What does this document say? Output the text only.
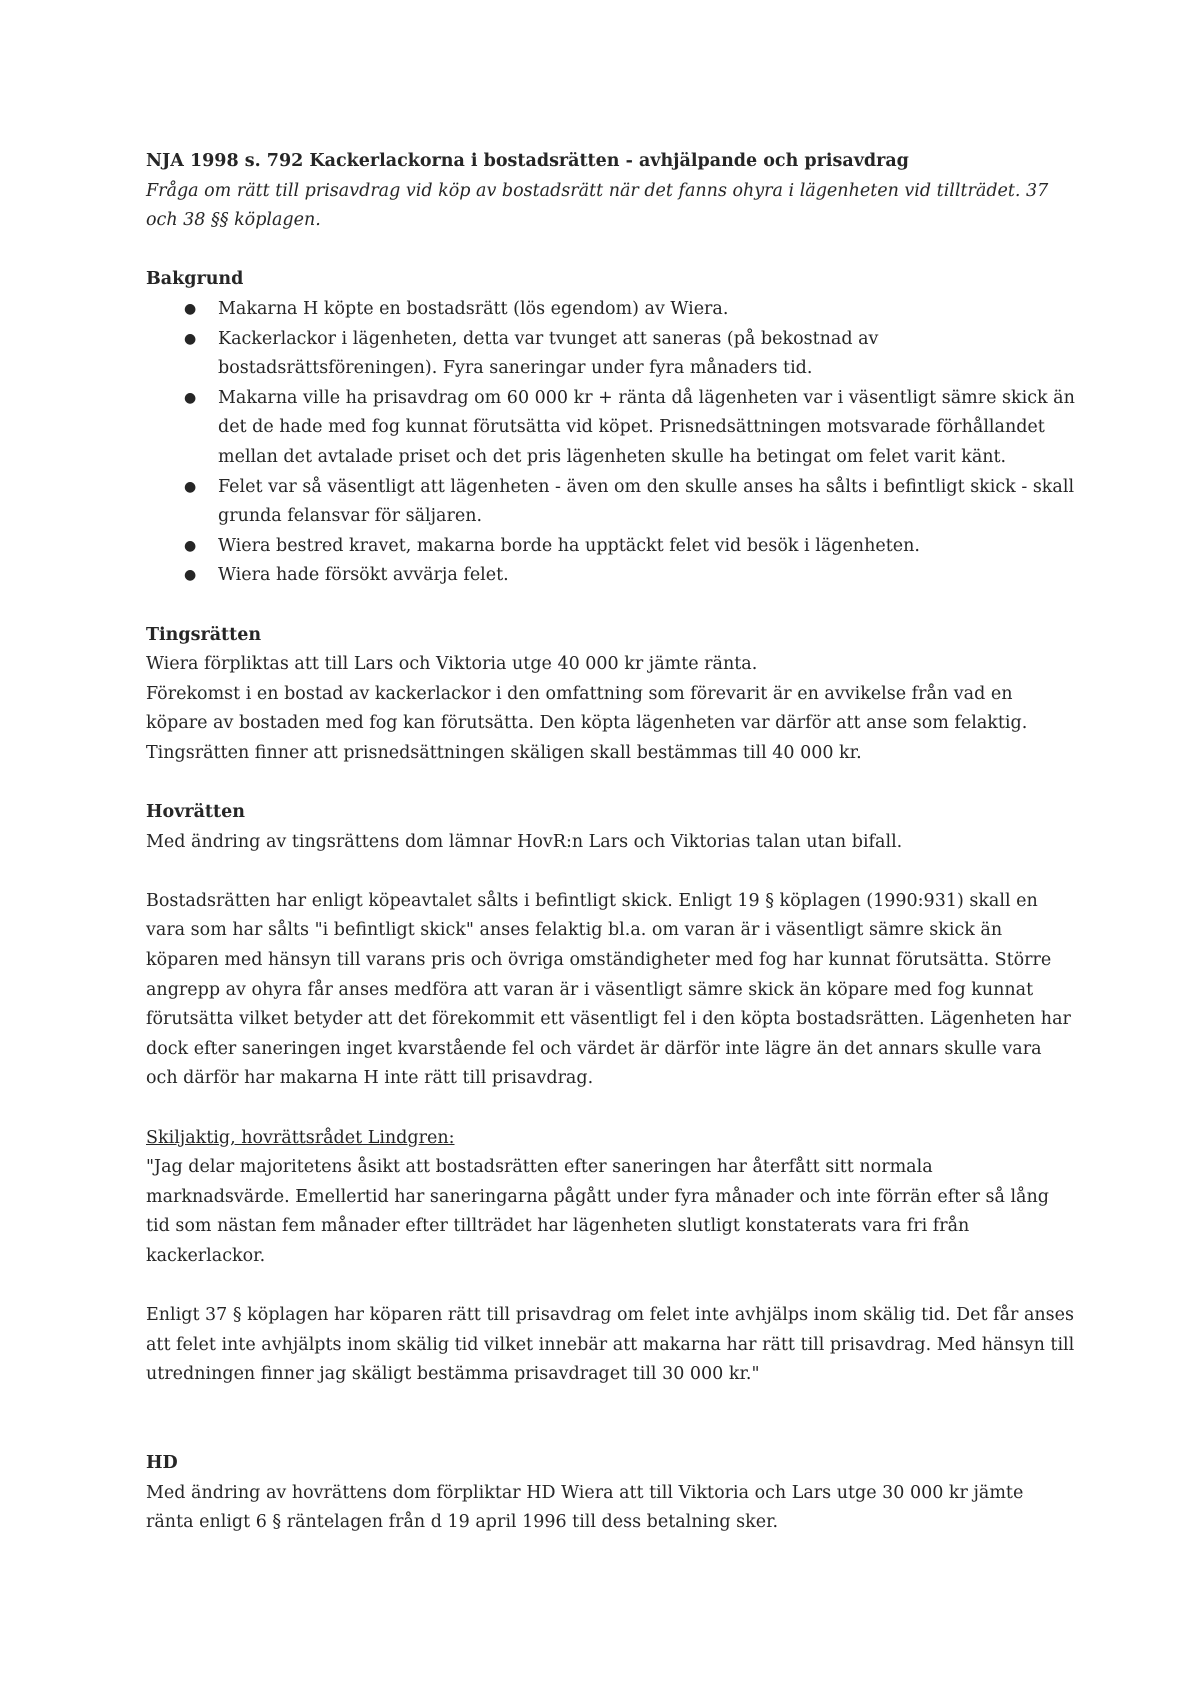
NJA 1998 s. 792 Kackerlackorna i bostadsrätten - avhjälpande och prisavdrag

Fråga om rätt till prisavdrag vid köp av bostadsrätt när det fanns ohyra i lägenheten vid tillträdet. 37 och 38 §§ köplagen.

Bakgrund

● Makarna H köpte en bostadsrätt (lös egendom) av Wiera.
● Kackerlackor i lägenheten, detta var tvunget att saneras (på bekostnad av bostadsrättsföreningen). Fyra saneringar under fyra månaders tid.
● Makarna ville ha prisavdrag om 60 000 kr + ränta då lägenheten var i väsentligt sämre skick än det de hade med fog kunnat förutsätta vid köpet. Prisnedsättningen motsvarade förhållandet mellan det avtalade priset och det pris lägenheten skulle ha betingat om felet varit känt.
● Felet var så väsentligt att lägenheten - även om den skulle anses ha sålts i befintligt skick - skall grunda felansvar för säljaren.
● Wiera bestred kravet, makarna borde ha upptäckt felet vid besök i lägenheten.
● Wiera hade försökt avvärja felet.

Tingsrätten

Wiera förpliktas att till Lars och Viktoria utge 40 000 kr jämte ränta.

Förekomst i en bostad av kackerlackor i den omfattning som förevarit är en avvikelse från vad en köpare av bostaden med fog kan förutsätta. Den köpta lägenheten var därför att anse som felaktig. Tingsrätten finner att prisnedsättningen skäligen skall bestämmas till 40 000 kr.

Hovrätten

Med ändring av tingsrättens dom lämnar HovR:n Lars och Viktorias talan utan bifall.

Bostadsrätten har enligt köpeavtalet sålts i befintligt skick. Enligt 19 § köplagen (1990:931) skall en vara som har sålts "i befintligt skick" anses felaktig bl.a. om varan är i väsentligt sämre skick än köparen med hänsyn till varans pris och övriga omständigheter med fog har kunnat förutsätta. Större angrepp av ohyra får anses medföra att varan är i väsentligt sämre skick än köpare med fog kunnat förutsätta vilket betyder att det förekommit ett väsentligt fel i den köpta bostadsrätten. Lägenheten har dock efter saneringen inget kvarstående fel och värdet är därför inte lägre än det annars skulle vara och därför har makarna H inte rätt till prisavdrag.

Skiljaktig, hovrättsrådet Lindgren:

"Jag delar majoritetens åsikt att bostadsrätten efter saneringen har återfått sitt normala marknadsvärde. Emellertid har saneringarna pågått under fyra månader och inte förrän efter så lång tid som nästan fem månader efter tillträdet har lägenheten slutligt konstaterats vara fri från kackerlackor.

Enligt 37 § köplagen har köparen rätt till prisavdrag om felet inte avhjälps inom skälig tid. Det får anses att felet inte avhjälpts inom skälig tid vilket innebär att makarna har rätt till prisavdrag. Med hänsyn till utredningen finner jag skäligt bestämma prisavdraget till 30 000 kr."

HD

Med ändring av hovrättens dom förpliktar HD Wiera att till Viktoria och Lars utge 30 000 kr jämte ränta enligt 6 § räntelagen från d 19 april 1996 till dess betalning sker.
